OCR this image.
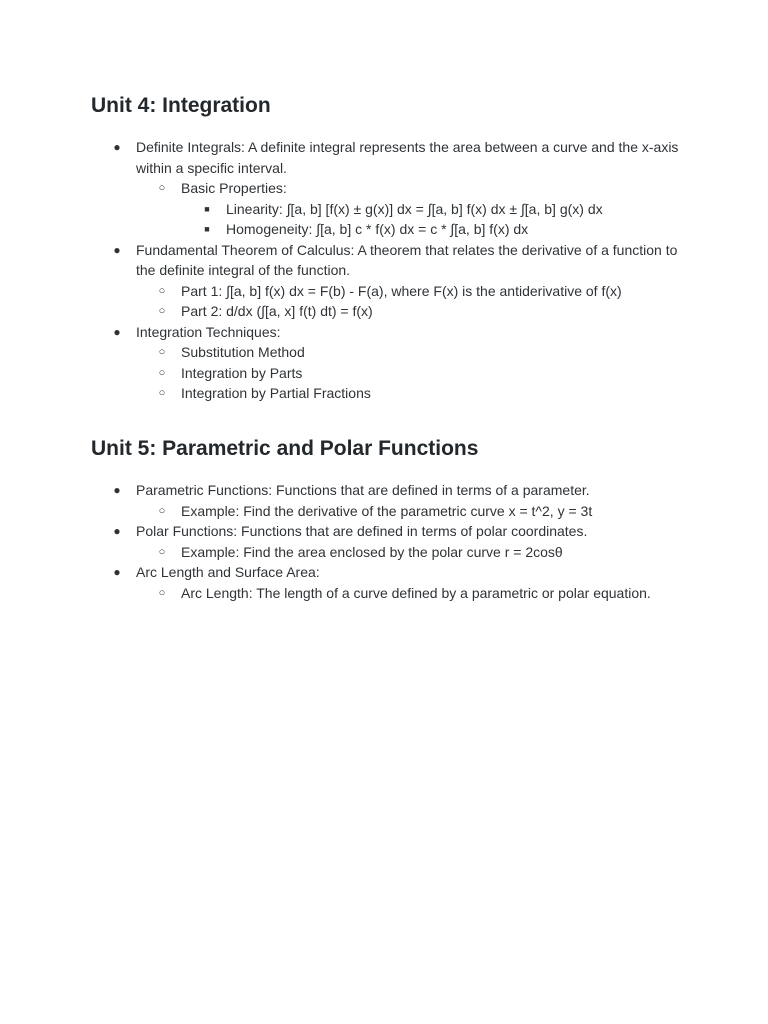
Unit 4: Integration
●	Definite Integrals: A definite integral represents the area between a curve and the x-axis within a specific interval.
○	Basic Properties:
■	Linearity: ∫[a, b] [f(x) ± g(x)] dx = ∫[a, b] f(x) dx ± ∫[a, b] g(x) dx
■	Homogeneity: ∫[a, b] c * f(x) dx = c * ∫[a, b] f(x) dx
●	Fundamental Theorem of Calculus: A theorem that relates the derivative of a function to the definite integral of the function.
○	Part 1: ∫[a, b] f(x) dx = F(b) - F(a), where F(x) is the antiderivative of f(x)
○	Part 2: d/dx (∫[a, x] f(t) dt) = f(x)
●	Integration Techniques:
○	Substitution Method
○	Integration by Parts
○	Integration by Partial Fractions
Unit 5: Parametric and Polar Functions
●	Parametric Functions: Functions that are defined in terms of a parameter.
○	Example: Find the derivative of the parametric curve x = t^2, y = 3t
●	Polar Functions: Functions that are defined in terms of polar coordinates.
○	Example: Find the area enclosed by the polar curve r = 2cosθ
●	Arc Length and Surface Area:
○	Arc Length: The length of a curve defined by a parametric or polar equation.
